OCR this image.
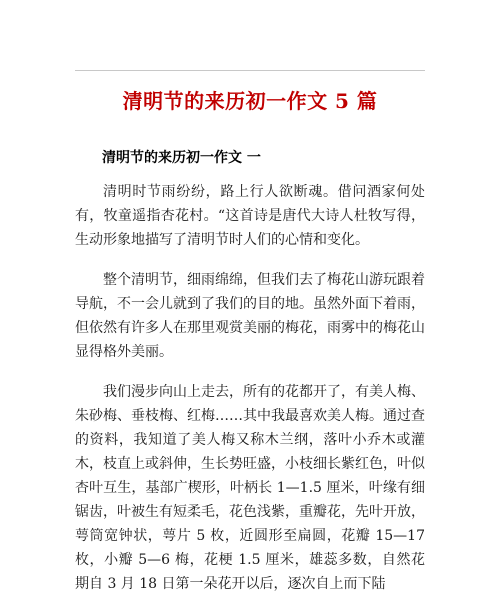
清明节的来历初一作文 5 篇
清明节的来历初一作文 一

清明时节雨纷纷，路上行人欲断魂。借问酒家何处有，牧童遥指杏花村。“这首诗是唐代大诗人杜牧写得，生动形象地描写了清明节时人们的心情和变化。

整个清明节，细雨绵绵，但我们去了梅花山游玩跟着导航，不一会儿就到了我们的目的地。虽然外面下着雨，但依然有许多人在那里观赏美丽的梅花，雨雾中的梅花山显得格外美丽。

我们漫步向山上走去，所有的花都开了，有美人梅、朱砂梅、垂枝梅、红梅……其中我最喜欢美人梅。通过查的资料，我知道了美人梅又称木兰纲，落叶小乔木或灌木，枝直上或斜伸，生长势旺盛，小枝细长紫红色，叶似杏叶互生，基部广楔形，叶柄长 1—1.5 厘米，叶缘有细锯齿，叶被生有短柔毛，花色浅紫，重瓣花，先叶开放，萼筒宽钟状，萼片 5 枚，近圆形至扁圆，花瓣 15—17 枚，小瓣 5—6 梅，花梗 1.5 厘米，雄蕊多数，自然花期自 3 月 18 日第一朵花开以后，逐次自上而下陆
